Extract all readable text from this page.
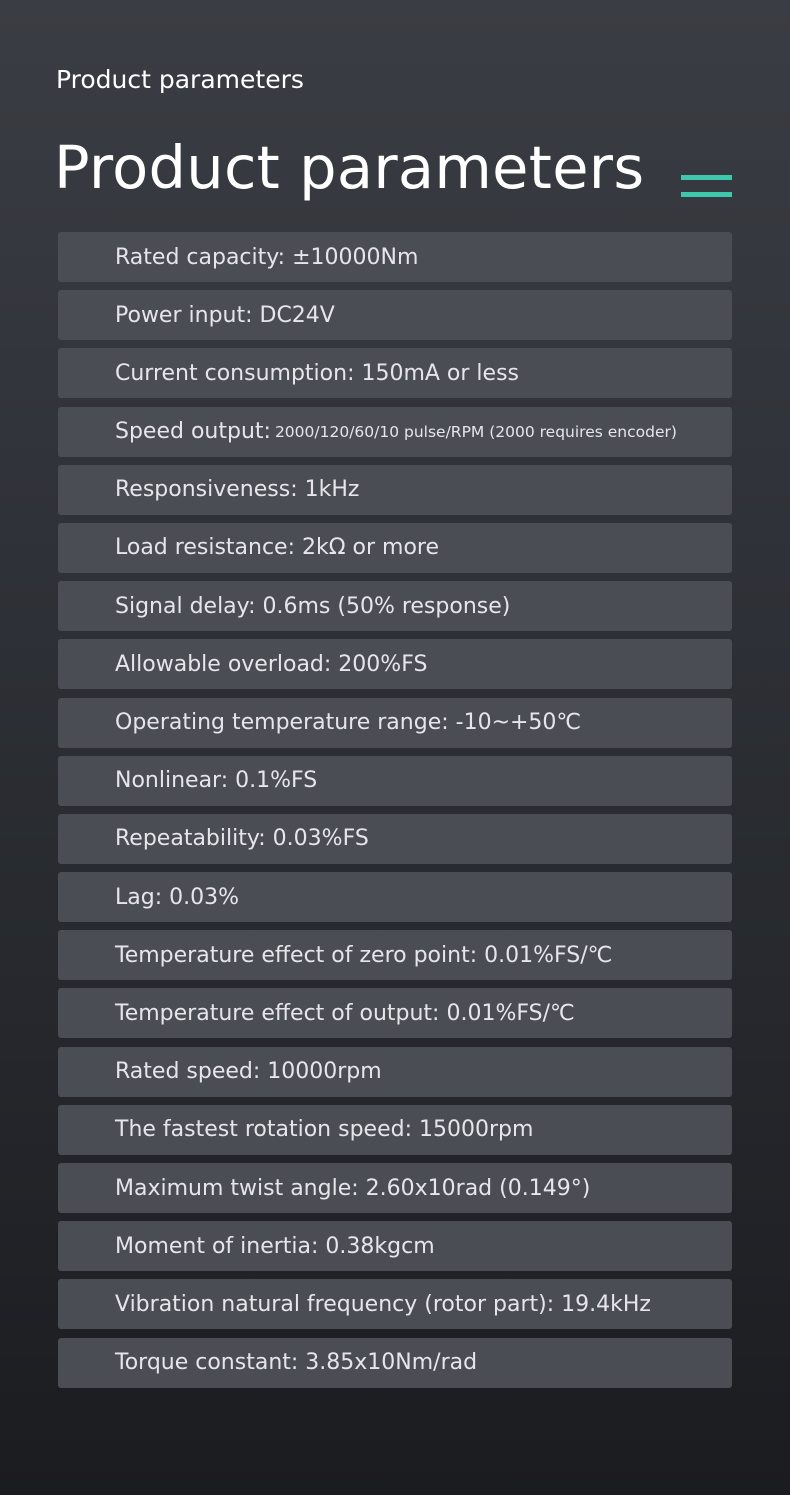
Product parameters
Product parameters
Rated capacity: ±10000Nm
Power input: DC24V
Current consumption: 150mA or less
Speed output: 2000/120/60/10 pulse/RPM (2000 requires encoder)
Responsiveness: 1kHz
Load resistance: 2kΩ or more
Signal delay: 0.6ms (50% response)
Allowable overload: 200%FS
Operating temperature range: -10~+50℃
Nonlinear: 0.1%FS
Repeatability: 0.03%FS
Lag: 0.03%
Temperature effect of zero point: 0.01%FS/℃
Temperature effect of output: 0.01%FS/℃
Rated speed: 10000rpm
The fastest rotation speed: 15000rpm
Maximum twist angle: 2.60x10rad (0.149°)
Moment of inertia: 0.38kgcm
Vibration natural frequency (rotor part): 19.4kHz
Torque constant: 3.85x10Nm/rad
